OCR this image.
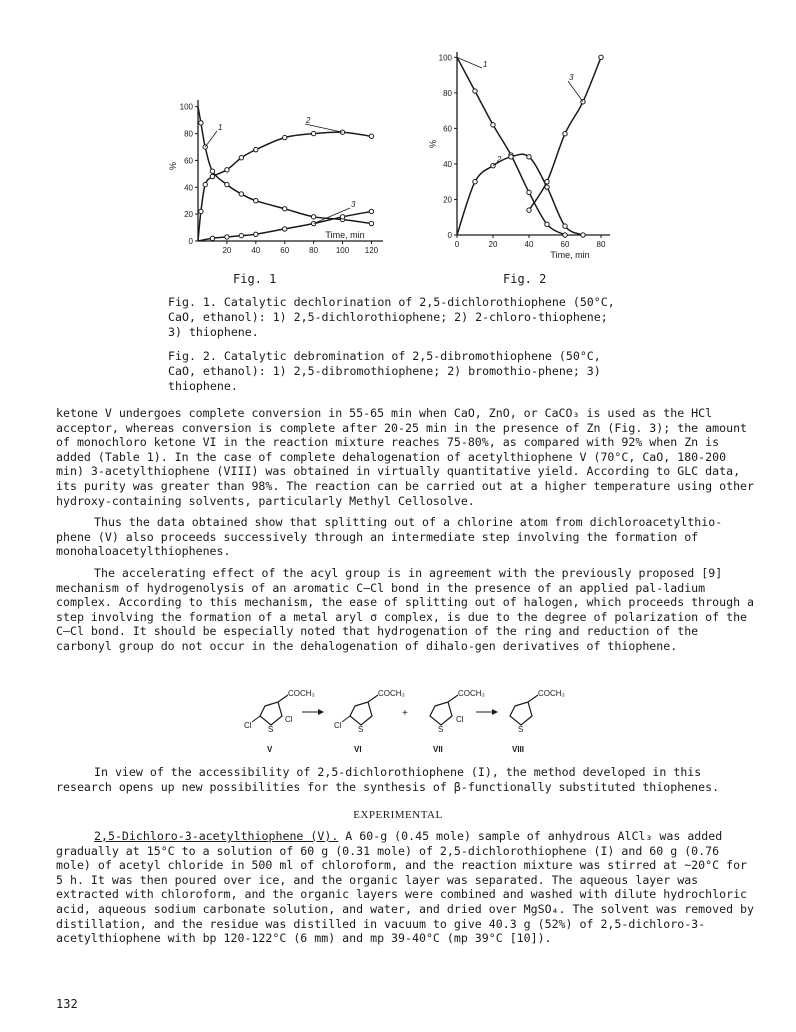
0
20
40
60
80
100
20	40	60	80 100 120
Time, min
%
1
2
3
Fig. 1
0
20
40
60
80
100
0	20	40	60	80
Time, min
%
1
2
3
Fig. 2
Fig. 1. Catalytic dechlorination of 2,5-dichlorothiophene (50°C, CaO, ethanol): 1) 2,5-dichlorothiophene; 2) 2-chloro-thiophene; 3) thiophene.
Fig. 2. Catalytic debromination of 2,5-dibromothiophene (50°C, CaO, ethanol): 1) 2,5-dibromothiophene; 2) bromothio-phene; 3) thiophene.

ketone V undergoes complete conversion in 55-65 min when CaO, ZnO, or CaCO₃ is used as the HCl acceptor, whereas conversion is complete after 20-25 min in the presence of Zn (Fig. 3); the amount of monochloro ketone VI in the reaction mixture reaches 75-80%, as compared with 92% when Zn is added (Table 1). In the case of complete dehalogenation of acetylthiophene V (70°C, CaO, 180-200 min) 3-acetylthiophene (VIII) was obtained in virtually quantitative yield. According to GLC data, its purity was greater than 98%. The reaction can be carried out at a higher temperature using other hydroxy-containing solvents, particularly Methyl Cellosolve.

Thus the data obtained show that splitting out of a chlorine atom from dichloroacetylthio-phene (V) also proceeds successively through an intermediate step involving the formation of monohaloacetylthiophenes.

The accelerating effect of the acyl group is in agreement with the previously proposed [9] mechanism of hydrogenolysis of an aromatic C—Cl bond in the presence of an applied pal-ladium complex. According to this mechanism, the ease of splitting out of halogen, which proceeds through a step involving the formation of a metal aryl σ complex, is due to the degree of polarization of the C—Cl bond. It should be especially noted that hydrogenation of the ring and reduction of the carbonyl group do not occur in the dehalogenation of dihalo-gen derivatives of thiophene.

COCH₃
Cl
Cl
S
V
COCH₃
Cl S
VI
+
COCH₃
Cl
S
VII
COCH₃
S
VIII
In view of the accessibility of 2,5-dichlorothiophene (I), the method developed in this research opens up new possibilities for the synthesis of β-functionally substituted thiophenes.
EXPERIMENTAL
2,5-Dichloro-3-acetylthiophene (V). A 60-g (0.45 mole) sample of anhydrous AlCl₃ was added gradually at 15°C to a solution of 60 g (0.31 mole) of 2,5-dichlorothiophene (I) and 60 g (0.76 mole) of acetyl chloride in 500 ml of chloroform, and the reaction mixture was stirred at ~20°C for 5 h. It was then poured over ice, and the organic layer was separated. The aqueous layer was extracted with chloroform, and the organic layers were combined and washed with dilute hydrochloric acid, aqueous sodium carbonate solution, and water, and dried over MgSO₄. The solvent was removed by distillation, and the residue was distilled in vacuum to give 40.3 g (52%) of 2,5-dichloro-3-acetylthiophene with bp 120-122°C (6 mm) and mp 39-40°C (mp 39°C [10]).
132
